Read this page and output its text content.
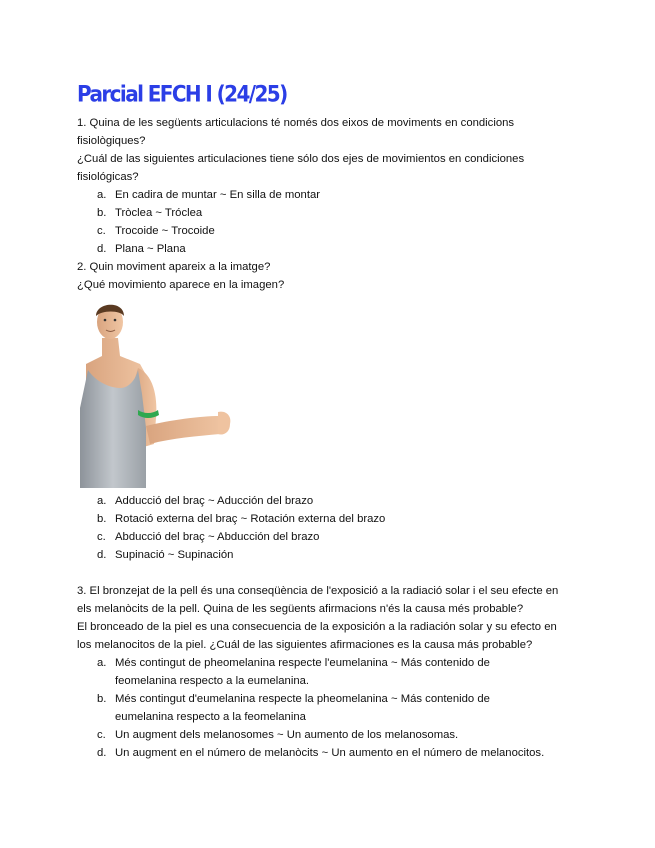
Parcial EFCH I (24/25)
1. Quina de les següents articulacions té només dos eixos de moviments en condicions
fisiològiques?
¿Cuál de las siguientes articulaciones tiene sólo dos ejes de movimientos en condiciones
fisiológicas?
a. En cadira de muntar ~ En silla de montar
b. Tròclea ~ Tróclea
c. Trocoide ~ Trocoide
d. Plana ~ Plana
2. Quin moviment apareix a la imatge?
¿Qué movimiento aparece en la imagen?
a. Adducció del braç ~ Aducción del brazo
b. Rotació externa del braç ~ Rotación externa del brazo
c. Abducció del braç ~ Abducción del brazo
d. Supinació ~ Supinación
3. El bronzejat de la pell és una conseqüència de l'exposició a la radiació solar i el seu efecte en
els melanòcits de la pell. Quina de les següents afirmacions n'és la causa més probable?
El bronceado de la piel es una consecuencia de la exposición a la radiación solar y su efecto en
los melanocitos de la piel. ¿Cuál de las siguientes afirmaciones es la causa más probable?
a. Més contingut de pheomelanina respecte l'eumelanina ~ Más contenido de
feomelanina respecto a la eumelanina.
b. Més contingut d'eumelanina respecte la pheomelanina ~ Más contenido de
eumelanina respecto a la feomelanina
c. Un augment dels melanosomes ~ Un aumento de los melanosomas.
d. Un augment en el número de melanòcits ~ Un aumento en el número de melanocitos.
